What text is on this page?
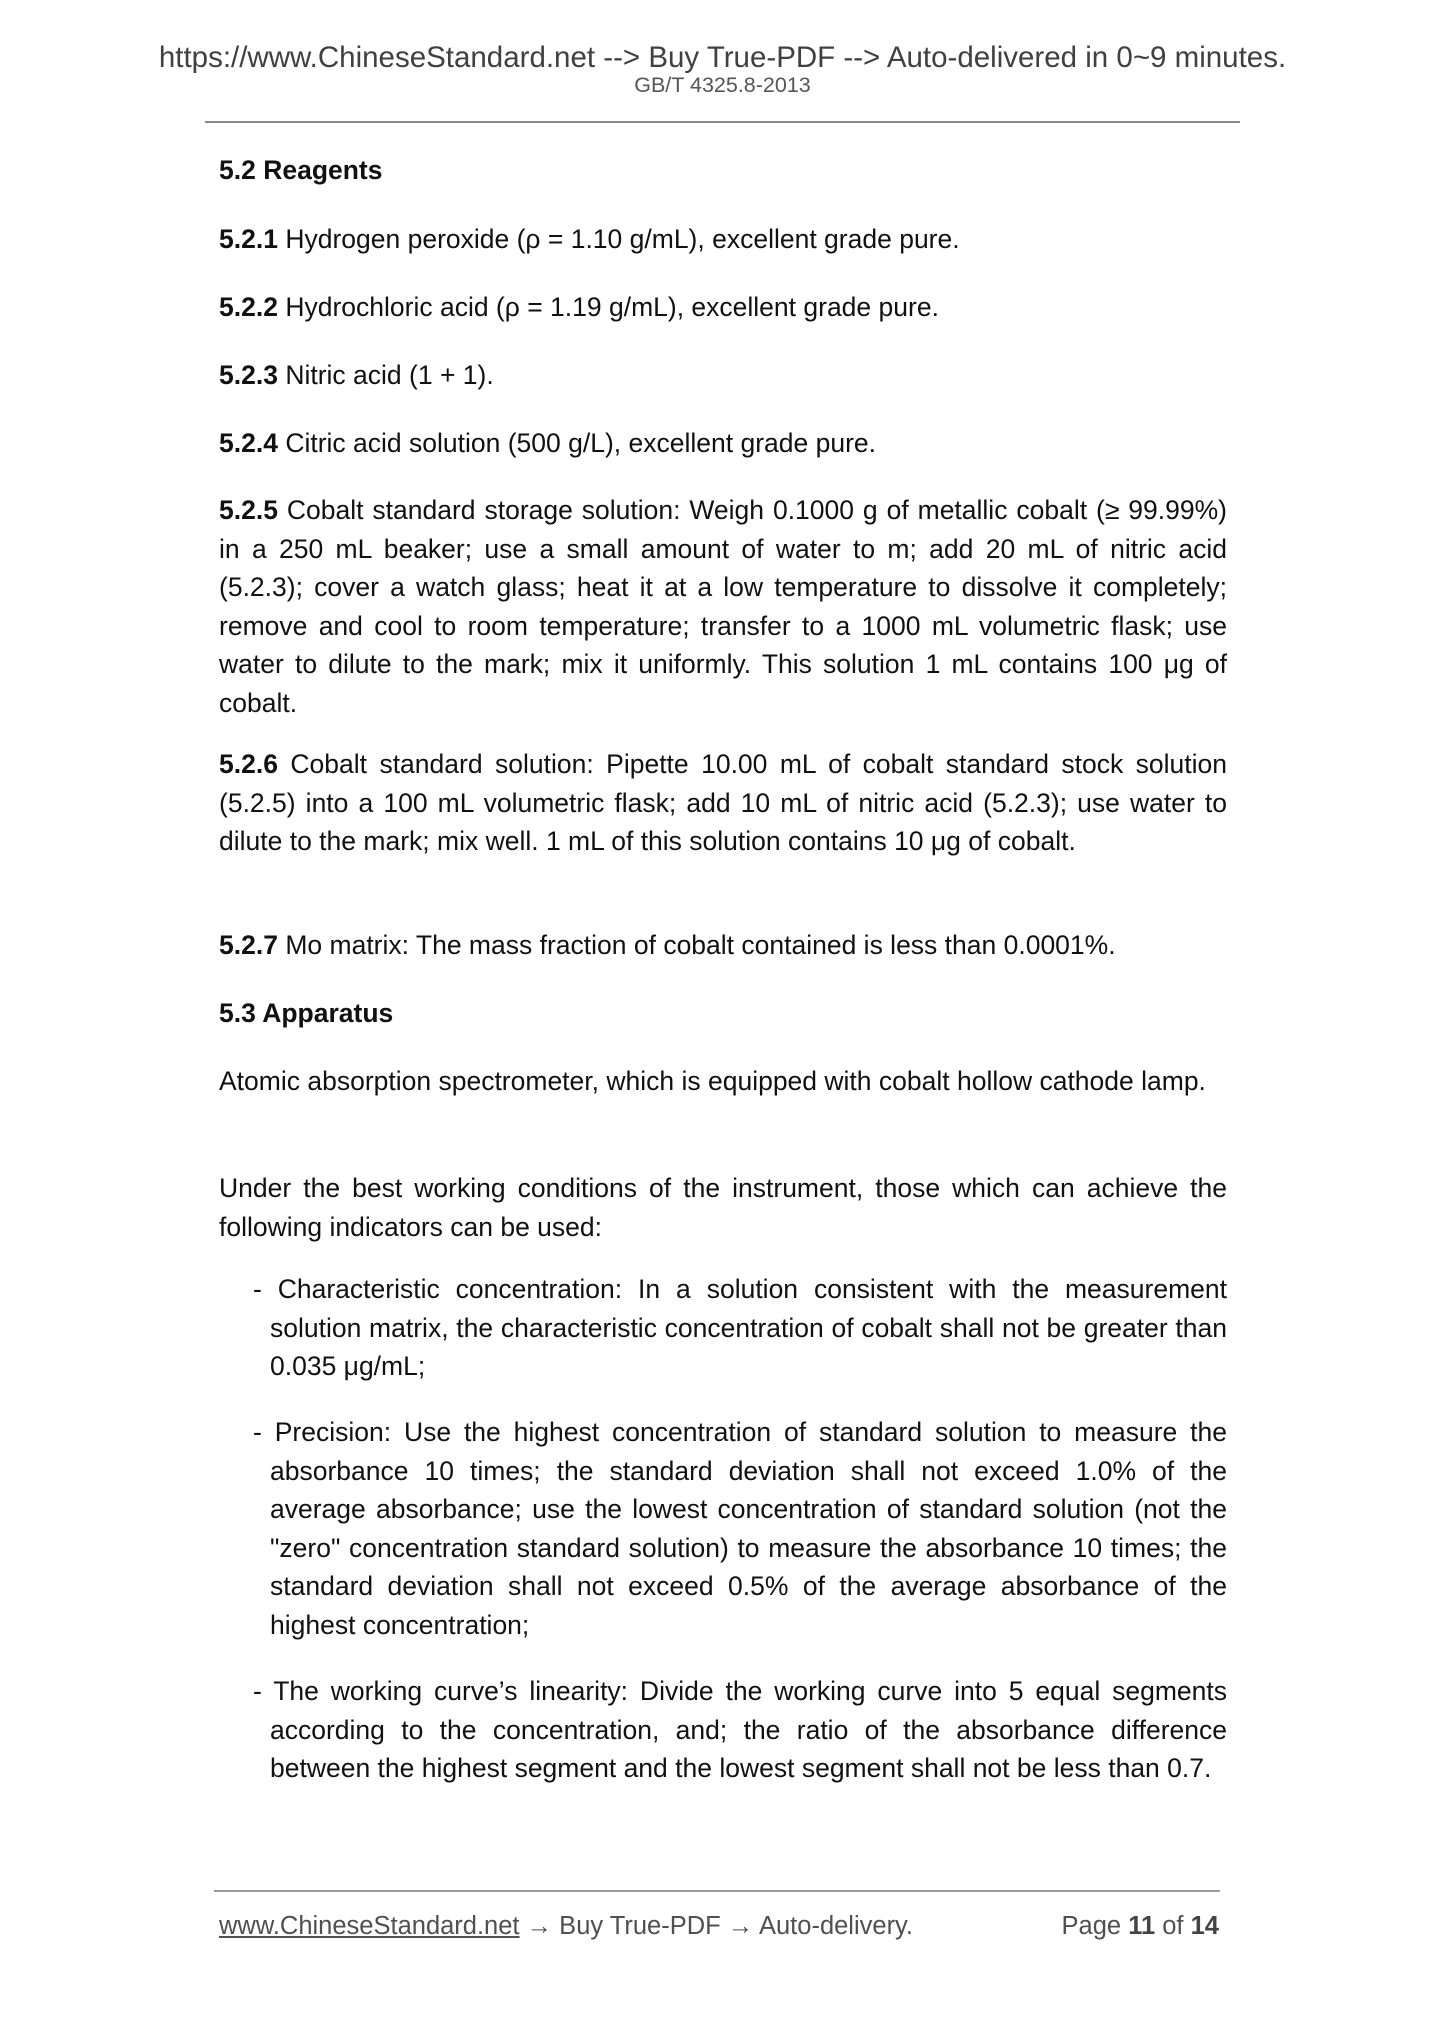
https://www.ChineseStandard.net --> Buy True-PDF --> Auto-delivered in 0~9 minutes.
GB/T 4325.8-2013

5.2 Reagents

5.2.1 Hydrogen peroxide (ρ = 1.10 g/mL), excellent grade pure.

5.2.2 Hydrochloric acid (ρ = 1.19 g/mL), excellent grade pure.

5.2.3 Nitric acid (1 + 1).

5.2.4 Citric acid solution (500 g/L), excellent grade pure.

5.2.5 Cobalt standard storage solution: Weigh 0.1000 g of metallic cobalt (≥ 99.99%) in a 250 mL beaker; use a small amount of water to m; add 20 mL of nitric acid (5.2.3); cover a watch glass; heat it at a low temperature to dissolve it completely; remove and cool to room temperature; transfer to a 1000 mL volumetric flask; use water to dilute to the mark; mix it uniformly. This solution 1 mL contains 100 μg of cobalt.

5.2.6 Cobalt standard solution: Pipette 10.00 mL of cobalt standard stock solution (5.2.5) into a 100 mL volumetric flask; add 10 mL of nitric acid (5.2.3); use water to dilute to the mark; mix well. 1 mL of this solution contains 10 μg of cobalt.

5.2.7 Mo matrix: The mass fraction of cobalt contained is less than 0.0001%.

5.3 Apparatus

Atomic absorption spectrometer, which is equipped with cobalt hollow cathode lamp.

Under the best working conditions of the instrument, those which can achieve the following indicators can be used:

- Characteristic concentration: In a solution consistent with the measurement solution matrix, the characteristic concentration of cobalt shall not be greater than 0.035 μg/mL;

- Precision: Use the highest concentration of standard solution to measure the absorbance 10 times; the standard deviation shall not exceed 1.0% of the average absorbance; use the lowest concentration of standard solution (not the "zero" concentration standard solution) to measure the absorbance 10 times; the standard deviation shall not exceed 0.5% of the average absorbance of the highest concentration;

- The working curve’s linearity: Divide the working curve into 5 equal segments according to the concentration, and; the ratio of the absorbance difference between the highest segment and the lowest segment shall not be less than 0.7.

www.ChineseStandard.net → Buy True-PDF → Auto-delivery.	Page 11 of 14
